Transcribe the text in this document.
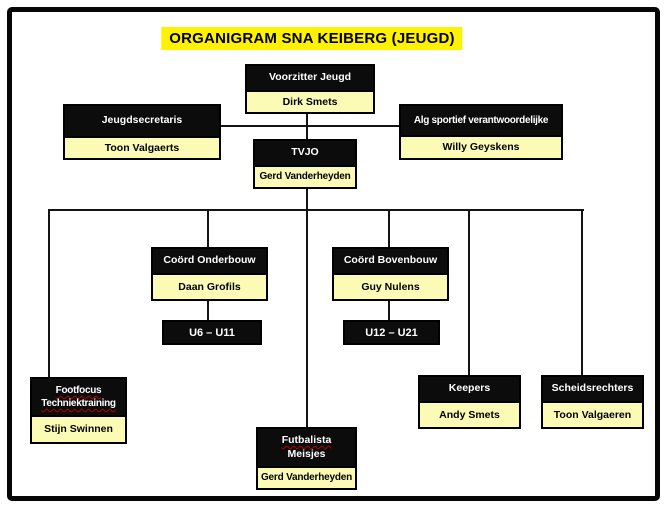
ORGANIGRAM SNA KEIBERG (JEUGD)
Voorzitter Jeugd
Dirk Smets
Jeugdsecretaris
Toon Valgaerts
Alg sportief verantwoordelijke
Willy Geyskens
TVJO
Gerd Vanderheyden
Coörd Onderbouw
Daan Grofils
Coörd Bovenbouw
Guy Nulens
U6 – U11	U12 – U21
Footfocus
Techniektraining
Stijn Swinnen
Keepers
Andy Smets
Scheidsrechters
Toon Valgaeren
Futbalista
Meisjes
Gerd Vanderheyden
